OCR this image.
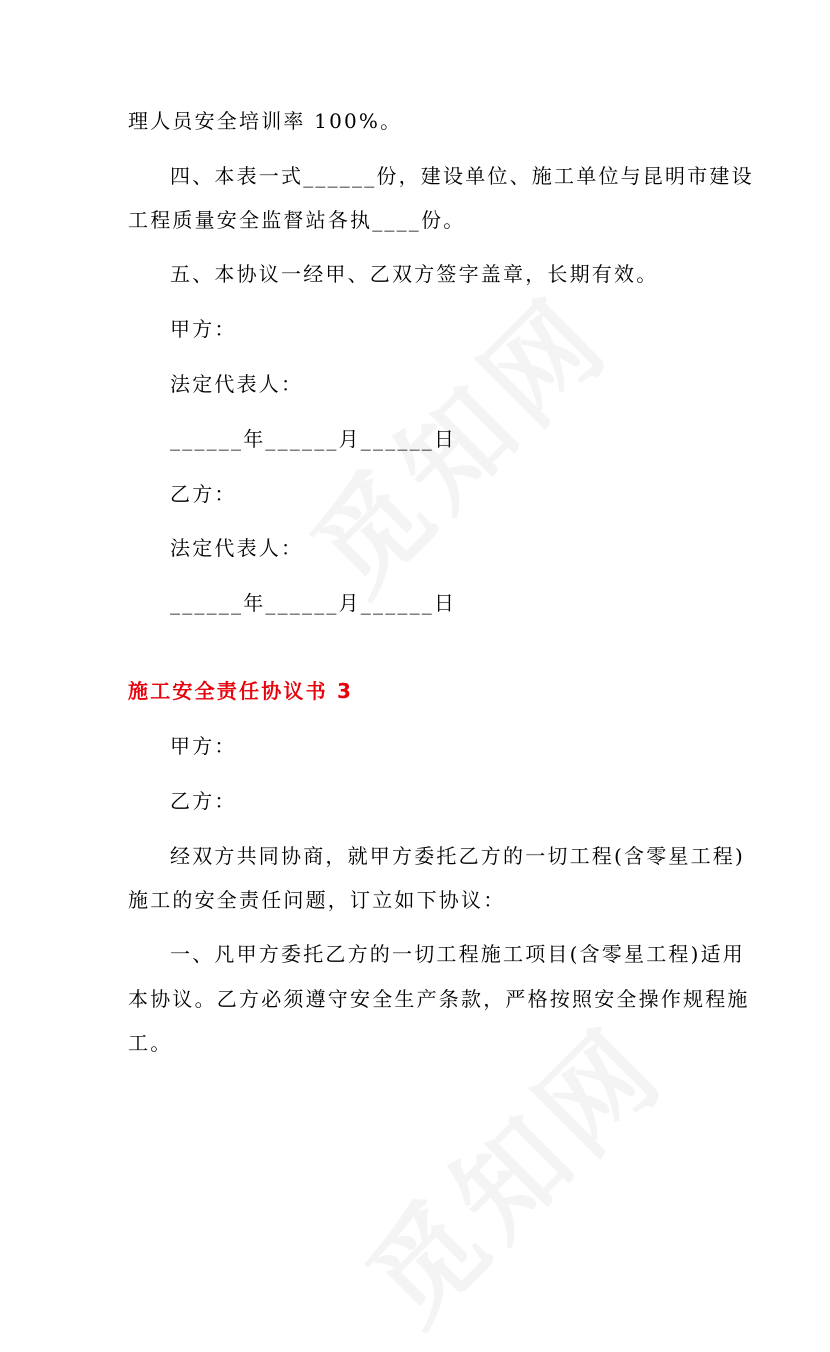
理人员安全培训率 100%。
四、本表一式______份，建设单位、施工单位与昆明市建设
工程质量安全监督站各执____份。
五、本协议一经甲、乙双方签字盖章，长期有效。
甲方：
法定代表人：
______年______月______日
乙方：
法定代表人：
______年______月______日
施工安全责任协议书 3
甲方：
乙方：
经双方共同协商，就甲方委托乙方的一切工程(含零星工程)
施工的安全责任问题，订立如下协议：
一、凡甲方委托乙方的一切工程施工项目(含零星工程)适用
本协议。乙方必须遵守安全生产条款，严格按照安全操作规程施
工。
